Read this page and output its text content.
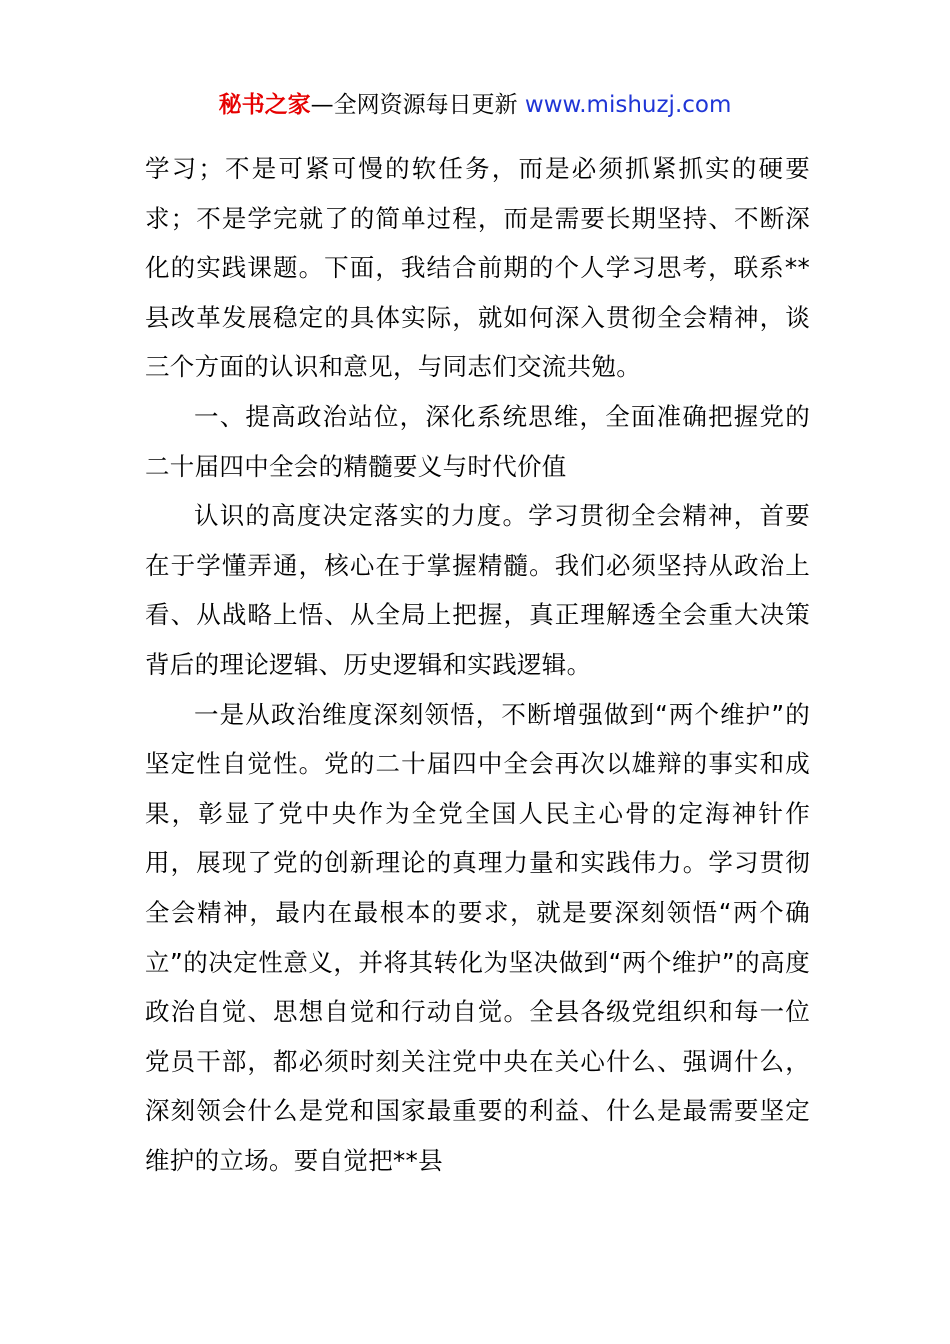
秘书之家—全网资源每日更新 www.mishuzj.com

学习；不是可紧可慢的软任务，而是必须抓紧抓实的硬要求；不是学完就了的简单过程，而是需要长期坚持、不断深化的实践课题。下面，我结合前期的个人学习思考，联系**县改革发展稳定的具体实际，就如何深入贯彻全会精神，谈三个方面的认识和意见，与同志们交流共勉。

一、提高政治站位，深化系统思维，全面准确把握党的二十届四中全会的精髓要义与时代价值

认识的高度决定落实的力度。学习贯彻全会精神，首要在于学懂弄通，核心在于掌握精髓。我们必须坚持从政治上看、从战略上悟、从全局上把握，真正理解透全会重大决策背后的理论逻辑、历史逻辑和实践逻辑。

一是从政治维度深刻领悟，不断增强做到“两个维护”的坚定性自觉性。党的二十届四中全会再次以雄辩的事实和成果，彰显了党中央作为全党全国人民主心骨的定海神针作用，展现了党的创新理论的真理力量和实践伟力。学习贯彻全会精神，最内在最根本的要求，就是要深刻领悟“两个确立”的决定性意义，并将其转化为坚决做到“两个维护”的高度政治自觉、思想自觉和行动自觉。全县各级党组织和每一位党员干部，都必须时刻关注党中央在关心什么、强调什么，深刻领会什么是党和国家最重要的利益、什么是最需要坚定维护的立场。要自觉把**县
